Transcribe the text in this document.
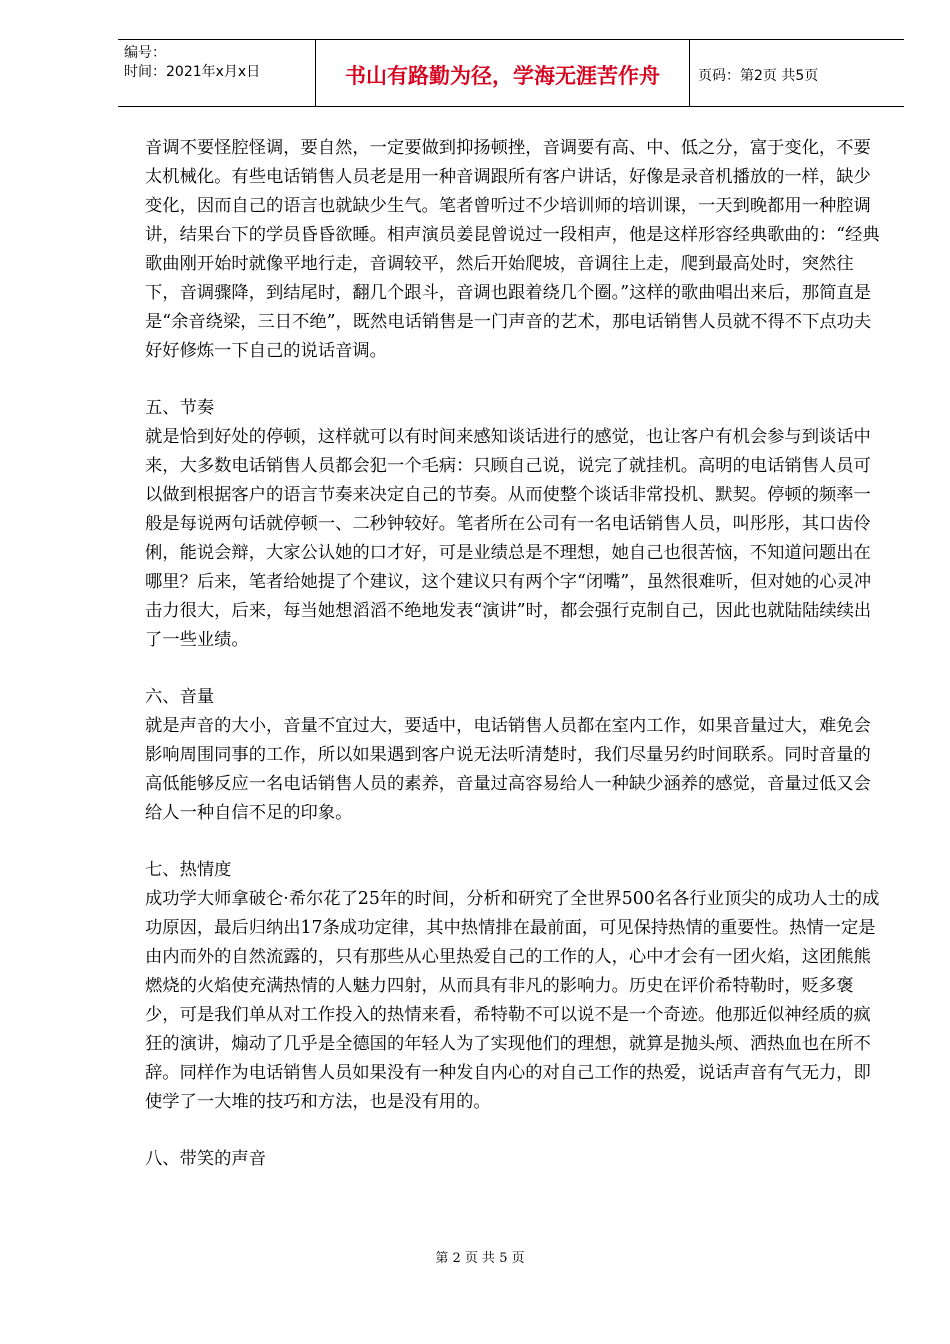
编号：
时间：2021年x月x日	书山有路勤为径，学海无涯苦作舟	页码：第2页 共5页

音调不要怪腔怪调，要自然，一定要做到抑扬顿挫，音调要有高、中、低之分，富于变化，不要太机械化。有些电话销售人员老是用一种音调跟所有客户讲话，好像是录音机播放的一样，缺少变化，因而自己的语言也就缺少生气。笔者曾听过不少培训师的培训课，一天到晚都用一种腔调讲，结果台下的学员昏昏欲睡。相声演员姜昆曾说过一段相声，他是这样形容经典歌曲的：“经典歌曲刚开始时就像平地行走，音调较平，然后开始爬坡，音调往上走，爬到最高处时，突然往下，音调骤降，到结尾时，翻几个跟斗，音调也跟着绕几个圈。”这样的歌曲唱出来后，那简直是是“余音绕梁，三日不绝”，既然电话销售是一门声音的艺术，那电话销售人员就不得不下点功夫好好修炼一下自己的说话音调。

五、节奏

就是恰到好处的停顿，这样就可以有时间来感知谈话进行的感觉，也让客户有机会参与到谈话中来，大多数电话销售人员都会犯一个毛病：只顾自己说，说完了就挂机。高明的电话销售人员可以做到根据客户的语言节奏来决定自己的节奏。从而使整个谈话非常投机、默契。停顿的频率一般是每说两句话就停顿一、二秒钟较好。笔者所在公司有一名电话销售人员，叫彤彤，其口齿伶俐，能说会辩，大家公认她的口才好，可是业绩总是不理想，她自己也很苦恼，不知道问题出在哪里？后来，笔者给她提了个建议，这个建议只有两个字“闭嘴”，虽然很难听，但对她的心灵冲击力很大，后来，每当她想滔滔不绝地发表“演讲”时，都会强行克制自己，因此也就陆陆续续出了一些业绩。

六、音量

就是声音的大小，音量不宜过大，要适中，电话销售人员都在室内工作，如果音量过大，难免会影响周围同事的工作，所以如果遇到客户说无法听清楚时，我们尽量另约时间联系。同时音量的高低能够反应一名电话销售人员的素养，音量过高容易给人一种缺少涵养的感觉，音量过低又会给人一种自信不足的印象。

七、热情度

成功学大师拿破仑·希尔花了25年的时间，分析和研究了全世界500名各行业顶尖的成功人士的成功原因，最后归纳出17条成功定律，其中热情排在最前面，可见保持热情的重要性。热情一定是由内而外的自然流露的，只有那些从心里热爱自己的工作的人，心中才会有一团火焰，这团熊熊燃烧的火焰使充满热情的人魅力四射，从而具有非凡的影响力。历史在评价希特勒时，贬多褒少，可是我们单从对工作投入的热情来看，希特勒不可以说不是一个奇迹。他那近似神经质的疯狂的演讲，煽动了几乎是全德国的年轻人为了实现他们的理想，就算是抛头颅、洒热血也在所不辞。同样作为电话销售人员如果没有一种发自内心的对自己工作的热爱，说话声音有气无力，即使学了一大堆的技巧和方法，也是没有用的。

八、带笑的声音

第 2 页 共 5 页
